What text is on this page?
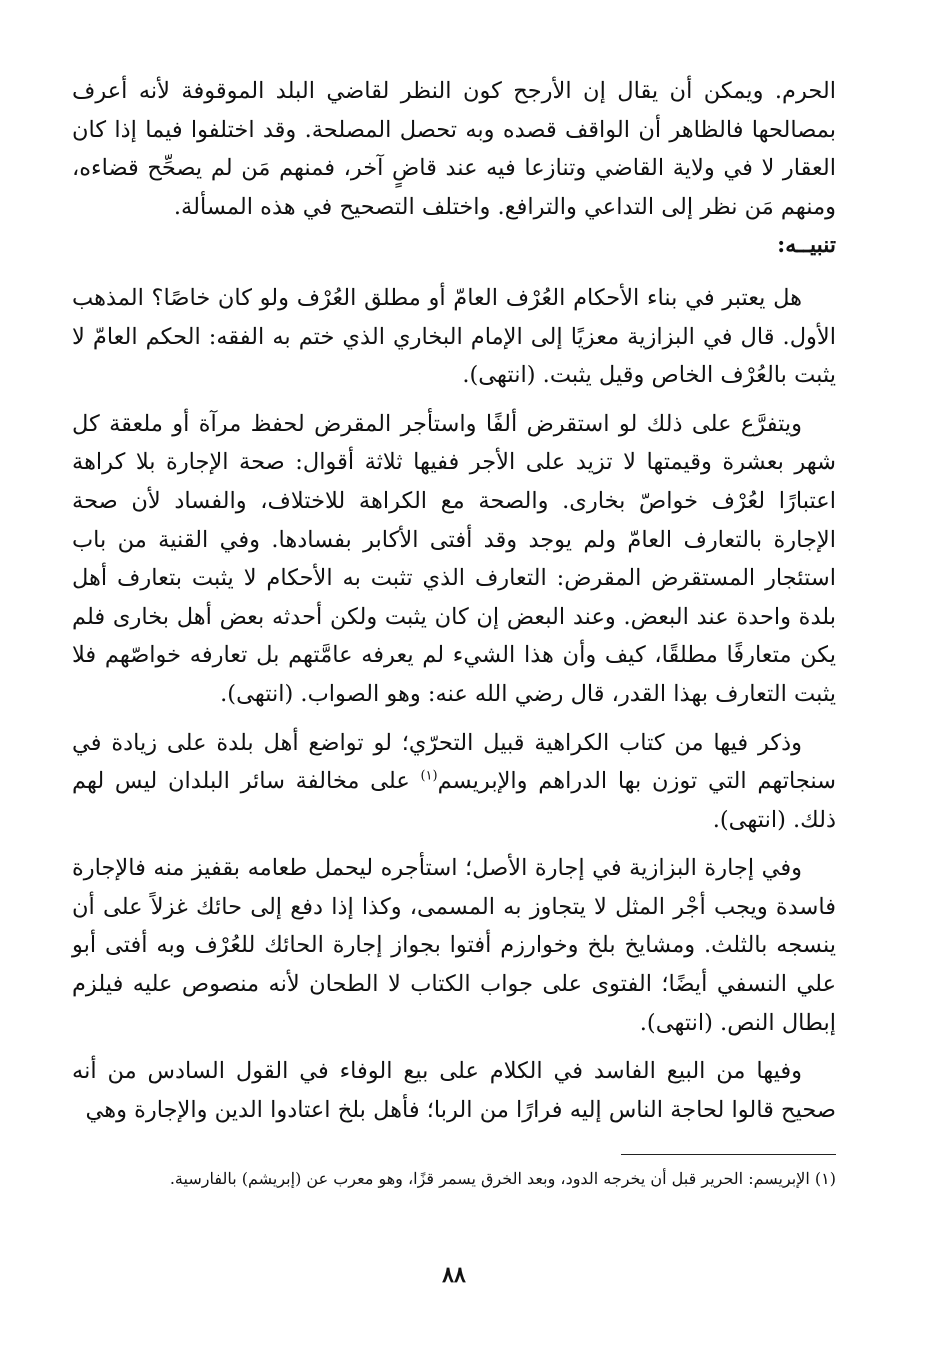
الحرم. ويمكن أن يقال إن الأرجح كون النظر لقاضي البلد الموقوفة لأنه أعرف بمصالحها فالظاهر أن الواقف قصده وبه تحصل المصلحة. وقد اختلفوا فيما إذا كان العقار لا في ولاية القاضي وتنازعا فيه عند قاضٍ آخر، فمنهم مَن لم يصحِّح قضاءه، ومنهم مَن نظر إلى التداعي والترافع. واختلف التصحيح في هذه المسألة.

تنبيــه:

هل يعتبر في بناء الأحكام العُرْف العامّ أو مطلق العُرْف ولو كان خاصًا؟ المذهب الأول. قال في البزازية معزيًا إلى الإمام البخاري الذي ختم به الفقه: الحكم العامّ لا يثبت بالعُرْف الخاص وقيل يثبت. (انتهى).

ويتفرَّع على ذلك لو استقرض ألفًا واستأجر المقرض لحفظ مرآة أو ملعقة كل شهر بعشرة وقيمتها لا تزيد على الأجر ففيها ثلاثة أقوال: صحة الإجارة بلا كراهة اعتبارًا لعُرْف خواصّ بخارى. والصحة مع الكراهة للاختلاف، والفساد لأن صحة الإجارة بالتعارف العامّ ولم يوجد وقد أفتى الأكابر بفسادها. وفي القنية من باب استئجار المستقرض المقرض: التعارف الذي تثبت به الأحكام لا يثبت بتعارف أهل بلدة واحدة عند البعض. وعند البعض إن كان يثبت ولكن أحدثه بعض أهل بخارى فلم يكن متعارفًا مطلقًا، كيف وأن هذا الشيء لم يعرفه عامَّتهم بل تعارفه خواصّهم فلا يثبت التعارف بهذا القدر، قال رضي الله عنه: وهو الصواب. (انتهى).

وذكر فيها من كتاب الكراهية قبيل التحرّي؛ لو تواضع أهل بلدة على زيادة في سنجاتهم التي توزن بها الدراهم والإبريسم$^{(١)}$ على مخالفة سائر البلدان ليس لهم ذلك. (انتهى).

وفي إجارة البزازية في إجارة الأصل؛ استأجره ليحمل طعامه بقفيز منه فالإجارة فاسدة ويجب أجْر المثل لا يتجاوز به المسمى، وكذا إذا دفع إلى حائك غزلاً على أن ينسجه بالثلث. ومشايخ بلخ وخوارزم أفتوا بجواز إجارة الحائك للعُرْف وبه أفتى أبو علي النسفي أيضًا؛ الفتوى على جواب الكتاب لا الطحان لأنه منصوص عليه فيلزم إبطال النص. (انتهى).

وفيها من البيع الفاسد في الكلام على بيع الوفاء في القول السادس من أنه صحيح قالوا لحاجة الناس إليه فرارًا من الربا؛ فأهل بلخ اعتادوا الدين والإجارة وهي

(١) الإبريسم: الحرير قبل أن يخرجه الدود، وبعد الخرق يسمر قزًا، وهو معرب عن (إبريشم) بالفارسية.

٨٨
